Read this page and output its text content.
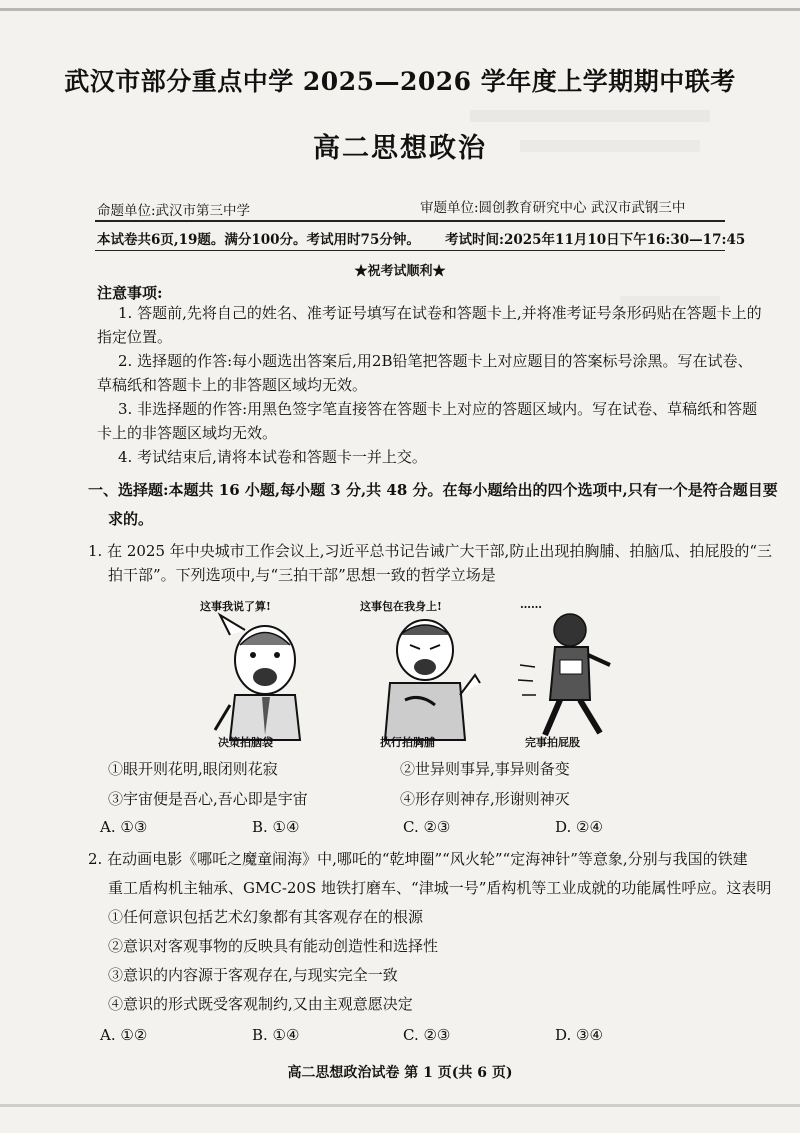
武汉市部分重点中学 2025—2026 学年度上学期期中联考
高二思想政治
命题单位:武汉市第三中学	审题单位:圆创教育研究中心 武汉市武钢三中
本试卷共6页,19题。满分100分。考试用时75分钟。 考试时间:2025年11月10日下午16:30—17:45
★祝考试顺利★
注意事项:
1. 答题前,先将自己的姓名、准考证号填写在试卷和答题卡上,并将准考证号条形码贴在答题卡上的
指定位置。
2. 选择题的作答:每小题选出答案后,用2B铅笔把答题卡上对应题目的答案标号涂黑。写在试卷、
草稿纸和答题卡上的非答题区域均无效。
3. 非选择题的作答:用黑色签字笔直接答在答题卡上对应的答题区域内。写在试卷、草稿纸和答题
卡上的非答题区域均无效。
4. 考试结束后,请将本试卷和答题卡一并上交。
一、选择题:本题共 16 小题,每小题 3 分,共 48 分。在每小题给出的四个选项中,只有一个是符合题目要
求的。
1. 在 2025 年中央城市工作会议上,习近平总书记告诫广大干部,防止出现拍胸脯、拍脑瓜、拍屁股的“三
拍干部”。下列选项中,与“三拍干部”思想一致的哲学立场是
这事我说了算!	这事包在我身上!	……
决策拍脑袋	执行拍胸脯	完事拍屁股
①眼开则花明,眼闭则花寂	②世异则事异,事异则备变
③宇宙便是吾心,吾心即是宇宙	④形存则神存,形谢则神灭
A. ①③	B. ①④	C. ②③	D. ②④
2. 在动画电影《哪吒之魔童闹海》中,哪吒的“乾坤圈”“风火轮”“定海神针”等意象,分别与我国的铁建
重工盾构机主轴承、GMC-20S 地铁打磨车、“津城一号”盾构机等工业成就的功能属性呼应。这表明
①任何意识包括艺术幻象都有其客观存在的根源
②意识对客观事物的反映具有能动创造性和选择性
③意识的内容源于客观存在,与现实完全一致
④意识的形式既受客观制约,又由主观意愿决定
A. ①②	B. ①④	C. ②③	D. ③④
高二思想政治试卷 第 1 页(共 6 页)
